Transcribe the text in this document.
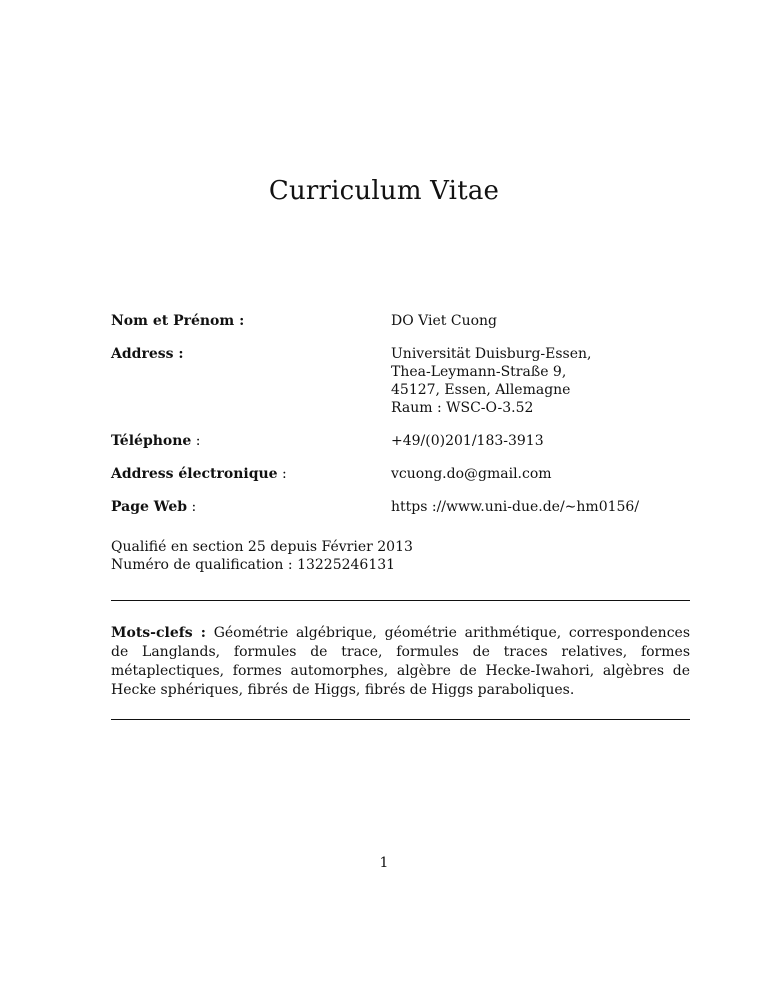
Curriculum Vitae
Nom et Prénom :	DO Viet Cuong
Address :	Universität Duisburg-Essen,
Thea-Leymann-Straße 9,
45127, Essen, Allemagne
Raum : WSC-O-3.52
Téléphone :	+49/(0)201/183-3913
Address électronique :	vcuong.do@gmail.com
Page Web :	https ://www.uni-due.de/∼hm0156/
Qualifié en section 25 depuis Février 2013
Numéro de qualification : 13225246131
Mots-clefs : Géométrie algébrique, géométrie arithmétique, correspondences de Langlands, formules de trace, formules de traces relatives, formes métaplectiques, formes automorphes, algèbre de Hecke-Iwahori, algèbres de Hecke sphériques, fibrés de Higgs, fibrés de Higgs paraboliques.
1
